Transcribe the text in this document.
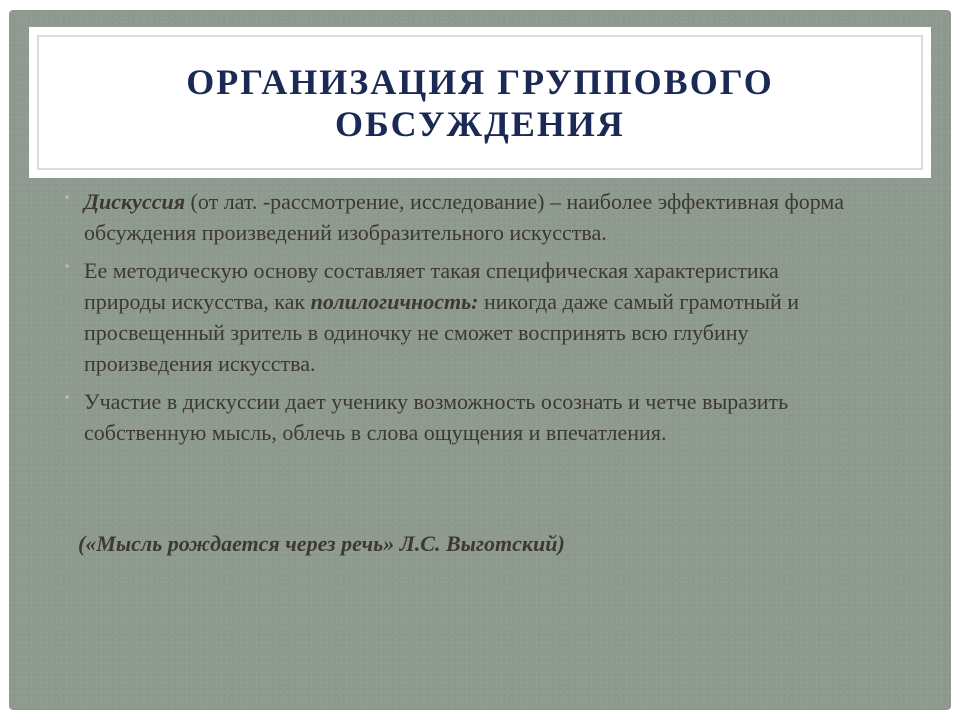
ОРГАНИЗАЦИЯ ГРУППОВОГО ОБСУЖДЕНИЯ
• Дискуссия (от лат. -рассмотрение, исследование) – наиболее эффективная форма обсуждения произведений изобразительного искусства.
• Ее методическую основу составляет такая специфическая характеристика природы искусства, как полилогичность: никогда даже самый грамотный и просвещенный зритель в одиночку не сможет воспринять всю глубину произведения искусства.
• Участие в дискуссии дает ученику возможность осознать и четче выразить собственную мысль, облечь в слова ощущения и впечатления.
(«Мысль рождается через речь» Л.С. Выготский)
